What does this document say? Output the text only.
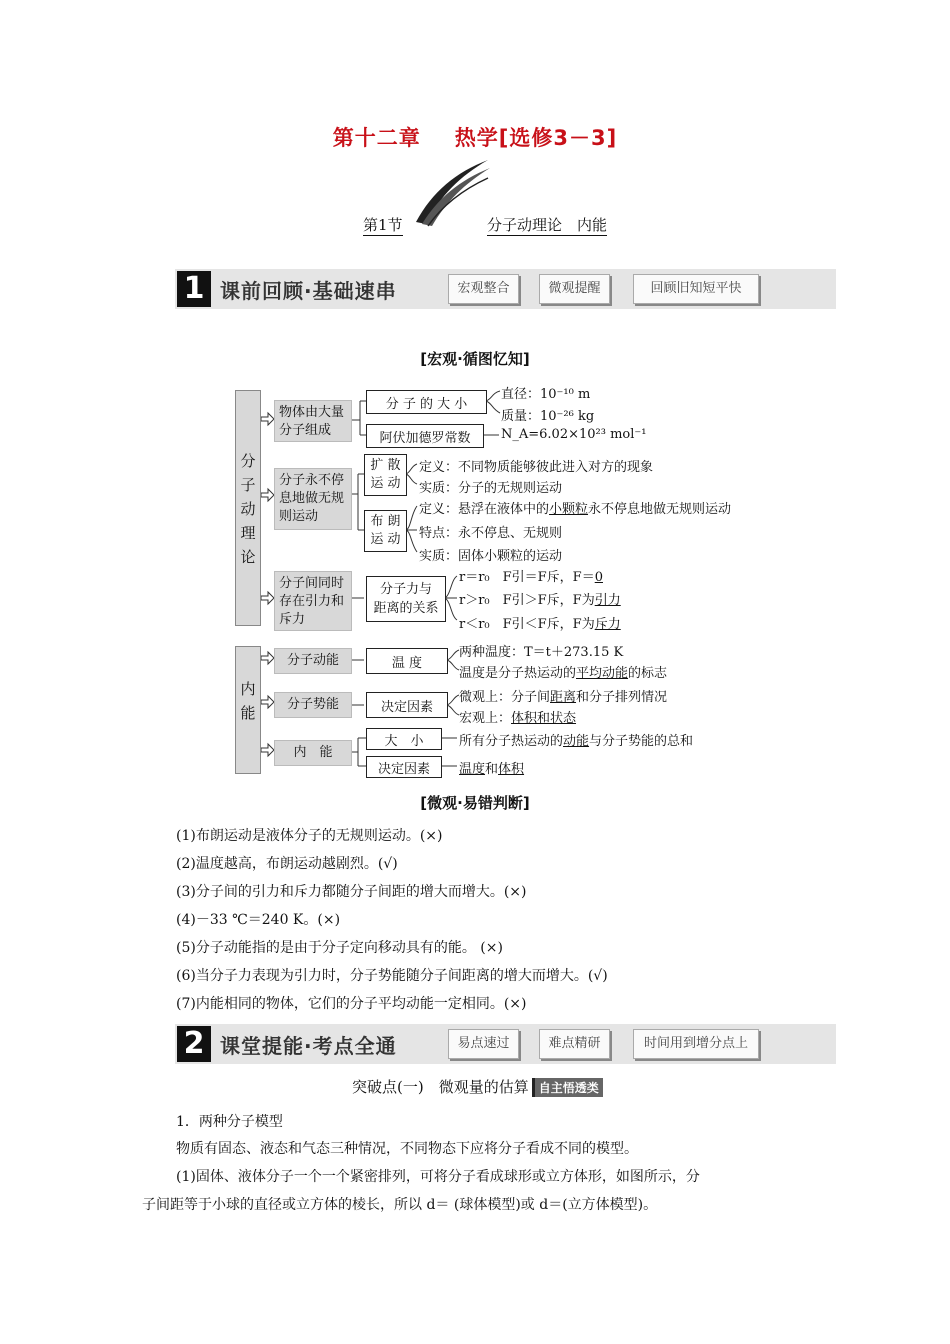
第十二章 热学[选修3－3]
第1节	分子动理论　内能
1 课前回顾·基础速串	宏观整合	微观提醒	回顾旧知短平快
[宏观·循图忆知]
分子动理论
内能
物体由大量分子组成
分子永不停息地做无规则运动
分子间同时存在引力和斥力
分子动能
分子势能
内　能
分 子 的 大 小
阿伏加德罗常数
扩 散
运 动
布 朗
运 动
分子力与
距离的关系
温 度
决定因素
大　小
决定因素
直径：10⁻¹⁰ m
质量：10⁻²⁶ kg
N_A=6.02×10²³ mol⁻¹
定义：不同物质能够彼此进入对方的现象
实质：分子的无规则运动
定义：悬浮在液体中的小颗粒永不停息地做无规则运动
特点：永不停息、无规则
实质：固体小颗粒的运动
r＝r₀　F引＝F斥，F＝0
r＞r₀　F引＞F斥，F为引力
r＜r₀　F引＜F斥，F为斥力
两种温度：T＝t＋273.15 K
温度是分子热运动的平均动能的标志
微观上：分子间距离和分子排列情况
宏观上：体积和状态
所有分子热运动的动能与分子势能的总和
温度和体积
[微观·易错判断]
(1)布朗运动是液体分子的无规则运动。(×)
(2)温度越高，布朗运动越剧烈。(√)
(3)分子间的引力和斥力都随分子间距的增大而增大。(×)
(4)－33 ℃＝240 K。(×)
(5)分子动能指的是由于分子定向移动具有的能。 (×)
(6)当分子力表现为引力时，分子势能随分子间距离的增大而增大。(√)
(7)内能相同的物体，它们的分子平均动能一定相同。(×)
2 课堂提能·考点全通	易点速过	难点精研	时间用到增分点上
突破点(一)　微观量的估算 自主悟透类
1．两种分子模型
物质有固态、液态和气态三种情况，不同物态下应将分子看成不同的模型。
(1)固体、液体分子一个一个紧密排列，可将分子看成球形或立方体形，如图所示，分
子间距等于小球的直径或立方体的棱长，所以 d＝ (球体模型)或 d＝(立方体模型)。
